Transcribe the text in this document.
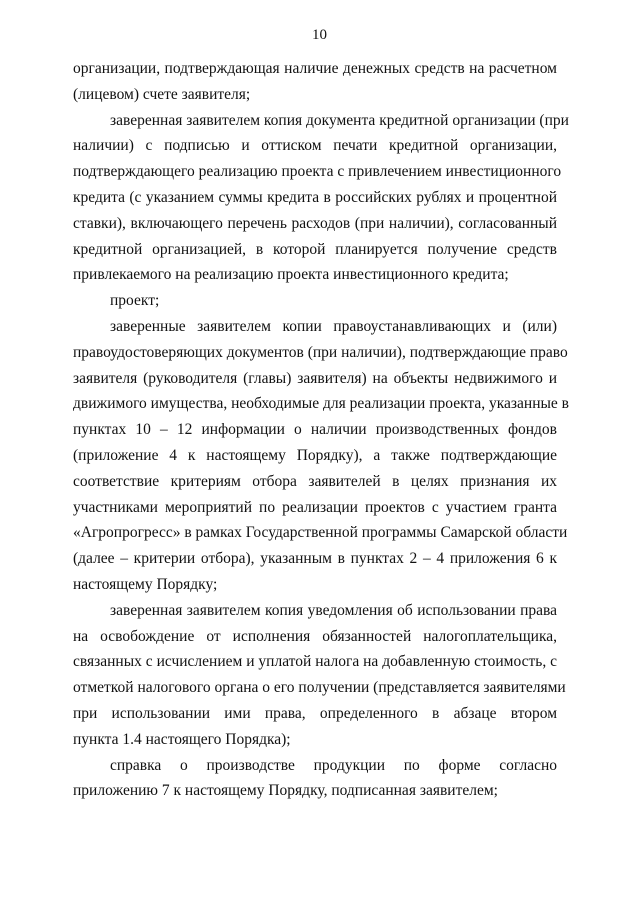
10
организации, подтверждающая наличие денежных средств на расчетном
(лицевом) счете заявителя;
заверенная заявителем копия документа кредитной организации (при
наличии) с подписью и оттиском печати кредитной организации,
подтверждающего реализацию проекта с привлечением инвестиционного
кредита (с указанием суммы кредита в российских рублях и процентной
ставки), включающего перечень расходов (при наличии), согласованный
кредитной организацией, в которой планируется получение средств
привлекаемого на реализацию проекта инвестиционного кредита;
проект;
заверенные заявителем копии правоустанавливающих и (или)
правоудостоверяющих документов (при наличии), подтверждающие право
заявителя (руководителя (главы) заявителя) на объекты недвижимого и
движимого имущества, необходимые для реализации проекта, указанные в
пунктах 10 – 12 информации о наличии производственных фондов
(приложение 4 к настоящему Порядку), а также подтверждающие
соответствие критериям отбора заявителей в целях признания их
участниками мероприятий по реализации проектов с участием гранта
«Агропрогресс» в рамках Государственной программы Самарской области
(далее – критерии отбора), указанным в пунктах 2 – 4 приложения 6 к
настоящему Порядку;
заверенная заявителем копия уведомления об использовании права
на освобождение от исполнения обязанностей налогоплательщика,
связанных с исчислением и уплатой налога на добавленную стоимость, с
отметкой налогового органа о его получении (представляется заявителями
при использовании ими права, определенного в абзаце втором
пункта 1.4 настоящего Порядка);
справка о производстве продукции по форме согласно
приложению 7 к настоящему Порядку, подписанная заявителем;
